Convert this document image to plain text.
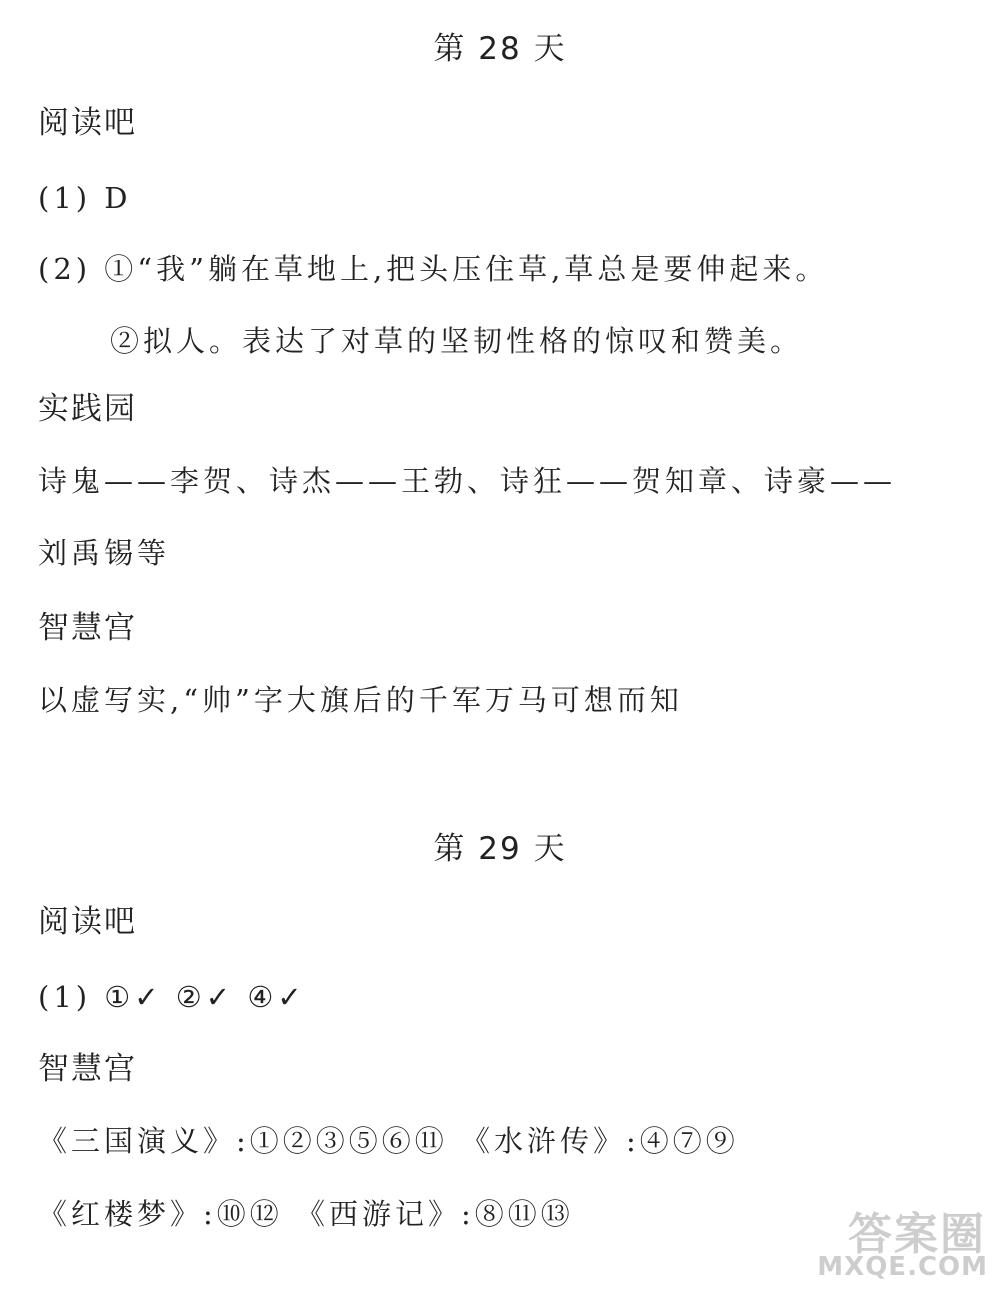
第 28 天
阅读吧
(1) D
(2) ①“我”躺在草地上,把头压住草,草总是要伸起来。
②拟人。表达了对草的坚韧性格的惊叹和赞美。
实践园
诗鬼——李贺、诗杰——王勃、诗狂——贺知章、诗豪——
刘禹锡等
智慧宫
以虚写实,“帅”字大旗后的千军万马可想而知
第 29 天
阅读吧
(1) ①✓ ②✓ ④✓
智慧宫
《三国演义》:①②③⑤⑥⑪ 《水浒传》:④⑦⑨
《红楼梦》:⑩⑫ 《西游记》:⑧⑪⑬	答案圈
MXQE.COM
